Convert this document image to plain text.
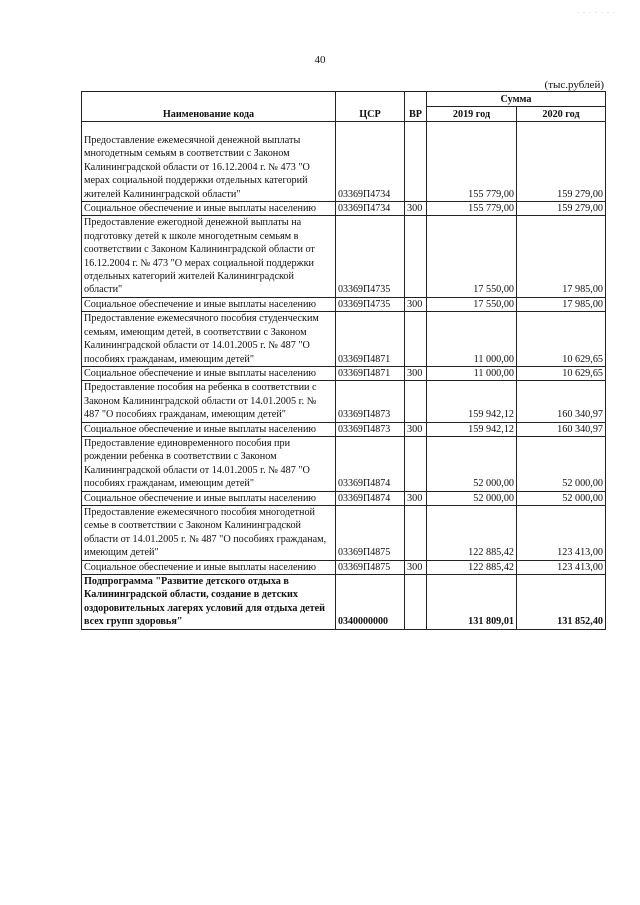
. . . . . . .
40
(тыс.рублей)
Наименование кода	ЦСР	ВР	Сумма	
			2019 год	2020 год

Предоставление ежемесячной денежной выплаты многодетным семьям в соответствии с Законом Калининградской области от 16.12.2004 г. № 473 "О мерах социальной поддержки отдельных категорий жителей Калининградской области"	03369П4734		155 779,00	159 279,00
Социальное обеспечение и иные выплаты населению	03369П4734	300	155 779,00	159 279,00
Предоставление ежегодной денежной выплаты на подготовку детей к школе многодетным семьям в соответствии с Законом Калининградской области от 16.12.2004 г. № 473 "О мерах социальной поддержки отдельных категорий жителей Калининградской области"	03369П4735		17 550,00	17 985,00
Социальное обеспечение и иные выплаты населению	03369П4735	300	17 550,00	17 985,00
Предоставление ежемесячного пособия студенческим семьям, имеющим детей, в соответствии с Законом Калининградской области от 14.01.2005 г. № 487 "О пособиях гражданам, имеющим детей"	03369П4871		11 000,00	10 629,65
Социальное обеспечение и иные выплаты населению	03369П4871	300	11 000,00	10 629,65
Предоставление пособия на ребенка в соответствии с Законом Калининградской области от 14.01.2005 г. № 487 "О пособиях гражданам, имеющим детей"	03369П4873		159 942,12	160 340,97
Социальное обеспечение и иные выплаты населению	03369П4873	300	159 942,12	160 340,97
Предоставление единовременного пособия при рождении ребенка в соответствии с Законом Калининградской области от 14.01.2005 г. № 487 "О пособиях гражданам, имеющим детей"	03369П4874		52 000,00	52 000,00
Социальное обеспечение и иные выплаты населению	03369П4874	300	52 000,00	52 000,00
Предоставление ежемесячного пособия многодетной семье в соответствии с Законом Калининградской области от 14.01.2005 г. № 487 "О пособиях гражданам, имеющим детей"	03369П4875		122 885,42	123 413,00
Социальное обеспечение и иные выплаты населению	03369П4875	300	122 885,42	123 413,00
Подпрограмма "Развитие детского отдыха в Калининградской области, создание в детских оздоровительных лагерях условий для отдыха детей всех групп здоровья"	0340000000		131 809,01	131 852,40
